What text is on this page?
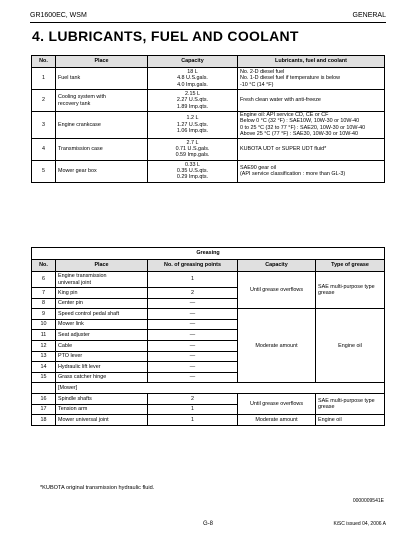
GR1600EC, WSM	GENERAL
4. LUBRICANTS, FUEL AND COOLANT
No.	Place	Capacity	Lubricants, fuel and coolant
1	Fuel tank	18 L
4.8 U.S.gals.
4.0 Imp.gals.	No. 2-D diesel fuel
No. 1-D diesel fuel if temperature is below
-10 °C (14 °F)
2	Cooling system with
recovery tank	2.15 L
2.27 U.S.qts.
1.89 Imp.qts.	Fresh clean water with anti-freeze
3	Engine crankcase	1.2 L
1.27 U.S.qts.
1.06 Imp.qts.	Engine oil: API service CD, CE or CF
Below 0 °C (32 °F) : SAE10W, 10W-30 or 10W-40
0 to 25 °C (32 to 77 °F) : SAE20, 10W-30 or 10W-40
Above 25 °C (77 °F) : SAE30, 10W-30 or 10W-40
4	Transmission case	2.7 L
0.71 U.S.gals.
0.59 Imp.gals.	KUBOTA UDT or SUPER UDT fluid*
5	Mower gear box	0.33 L
0.35 U.S.qts.
0.29 Imp.qts.	SAE90 gear oil
(API service classification : more than GL-3)
Greasing				
No.	Place	No. of greasing points	Capacity	Type of grease
6	Engine transmission
universal joint	1	Until grease overflows	SAE multi-purpose type
grease
7	King pin	2		
8	Center pin	—		
9	Speed control pedal shaft	—	Moderate amount	Engine oil
10	Mower link	—		
11	Seat adjuster	—		
12	Cable	—		
13	PTO lever	—		
14	Hydraulic lift lever	—		
15	Grass catcher hinge	—		
	[Mower]			
16	Spindle shafts	2	Until grease overflows	SAE multi-purpose type
grease
17	Tension arm	1		
18	Mower universal joint	1	Moderate amount	Engine oil
*KUBOTA original transmission hydraulic fluid.
0000009541E
G-8	KiSC issued 04, 2006 A
